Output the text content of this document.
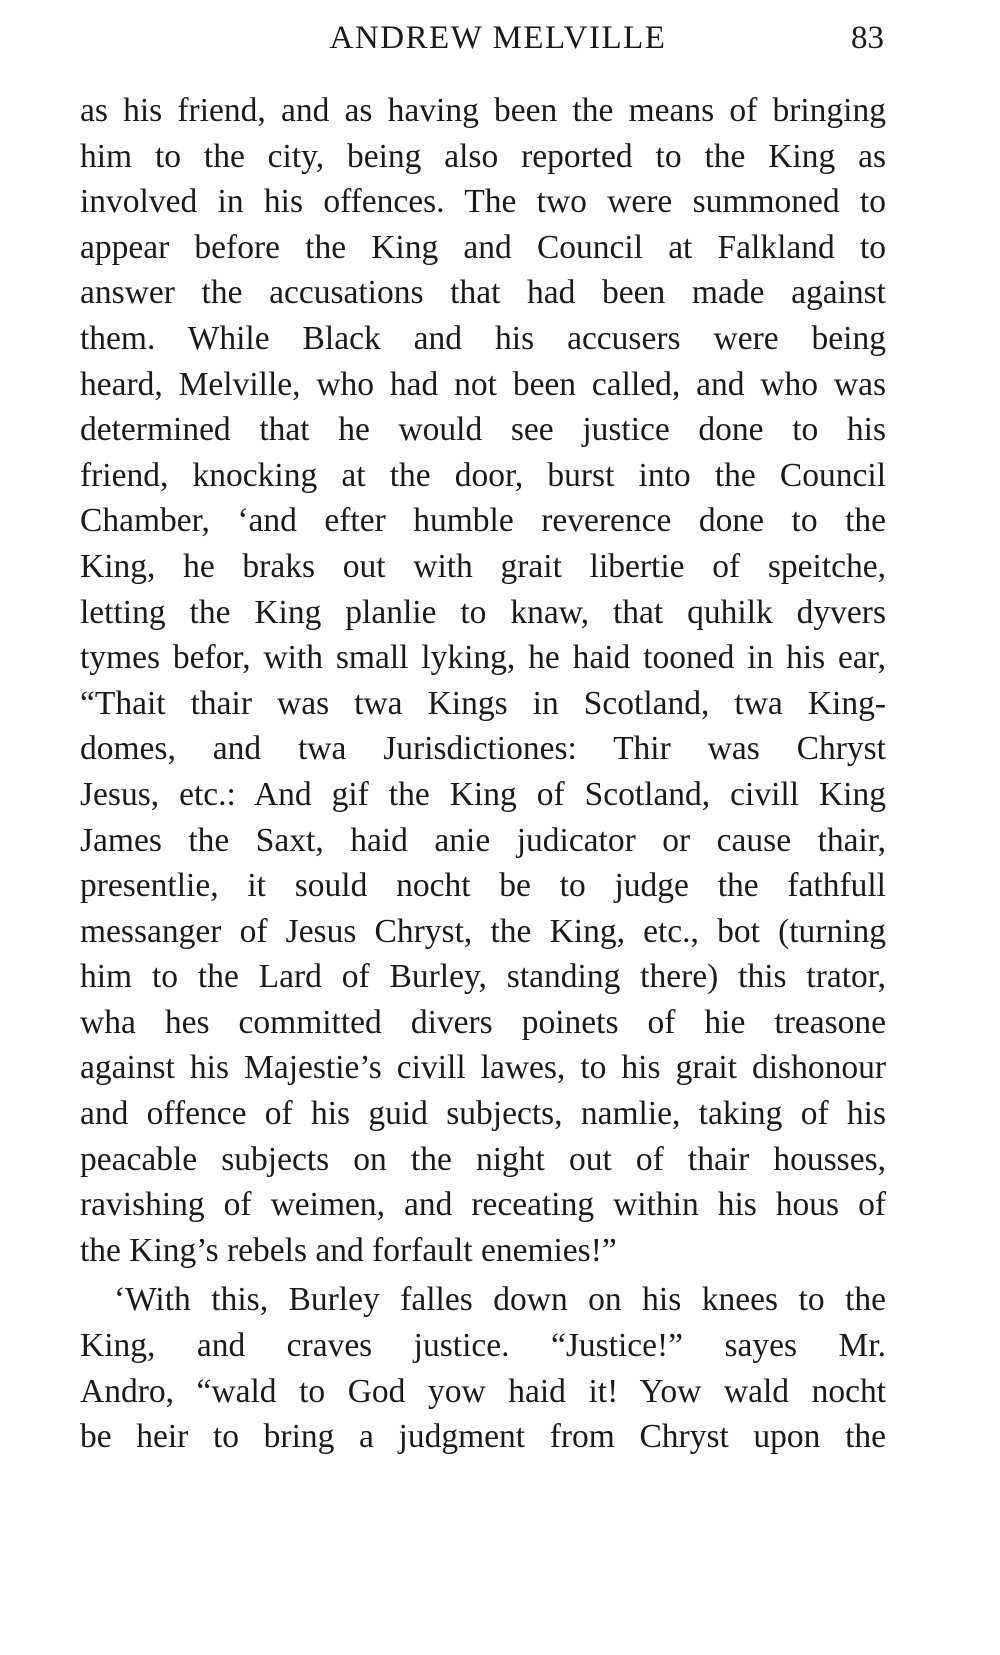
ANDREW MELVILLE	83
as his friend, and as having been the means of bringing
him to the city, being also reported to the King as
involved in his offences. The two were summoned to
appear before the King and Council at Falkland to
answer the accusations that had been made against
them. While Black and his accusers were being
heard, Melville, who had not been called, and who was
determined that he would see justice done to his
friend, knocking at the door, burst into the Council
Chamber, ‘and efter humble reverence done to the
King, he braks out with grait libertie of speitche,
letting the King planlie to knaw, that quhilk dyvers
tymes befor, with small lyking, he haid tooned in his ear,
“Thait thair was twa Kings in Scotland, twa King-
domes, and twa Jurisdictiones: Thir was Chryst
Jesus, etc.: And gif the King of Scotland, civill King
James the Saxt, haid anie judicator or cause thair,
presentlie, it sould nocht be to judge the fathfull
messanger of Jesus Chryst, the King, etc., bot (turning
him to the Lard of Burley, standing there) this trator,
wha hes committed divers poinets of hie treasone
against his Majestie’s civill lawes, to his grait dishonour
and offence of his guid subjects, namlie, taking of his
peacable subjects on the night out of thair housses,
ravishing of weimen, and receating within his hous of
the King’s rebels and forfault enemies!”
‘With this, Burley falles down on his knees to the
King, and craves justice. “Justice!” sayes Mr.
Andro, “wald to God yow haid it! Yow wald nocht
be heir to bring a judgment from Chryst upon the
